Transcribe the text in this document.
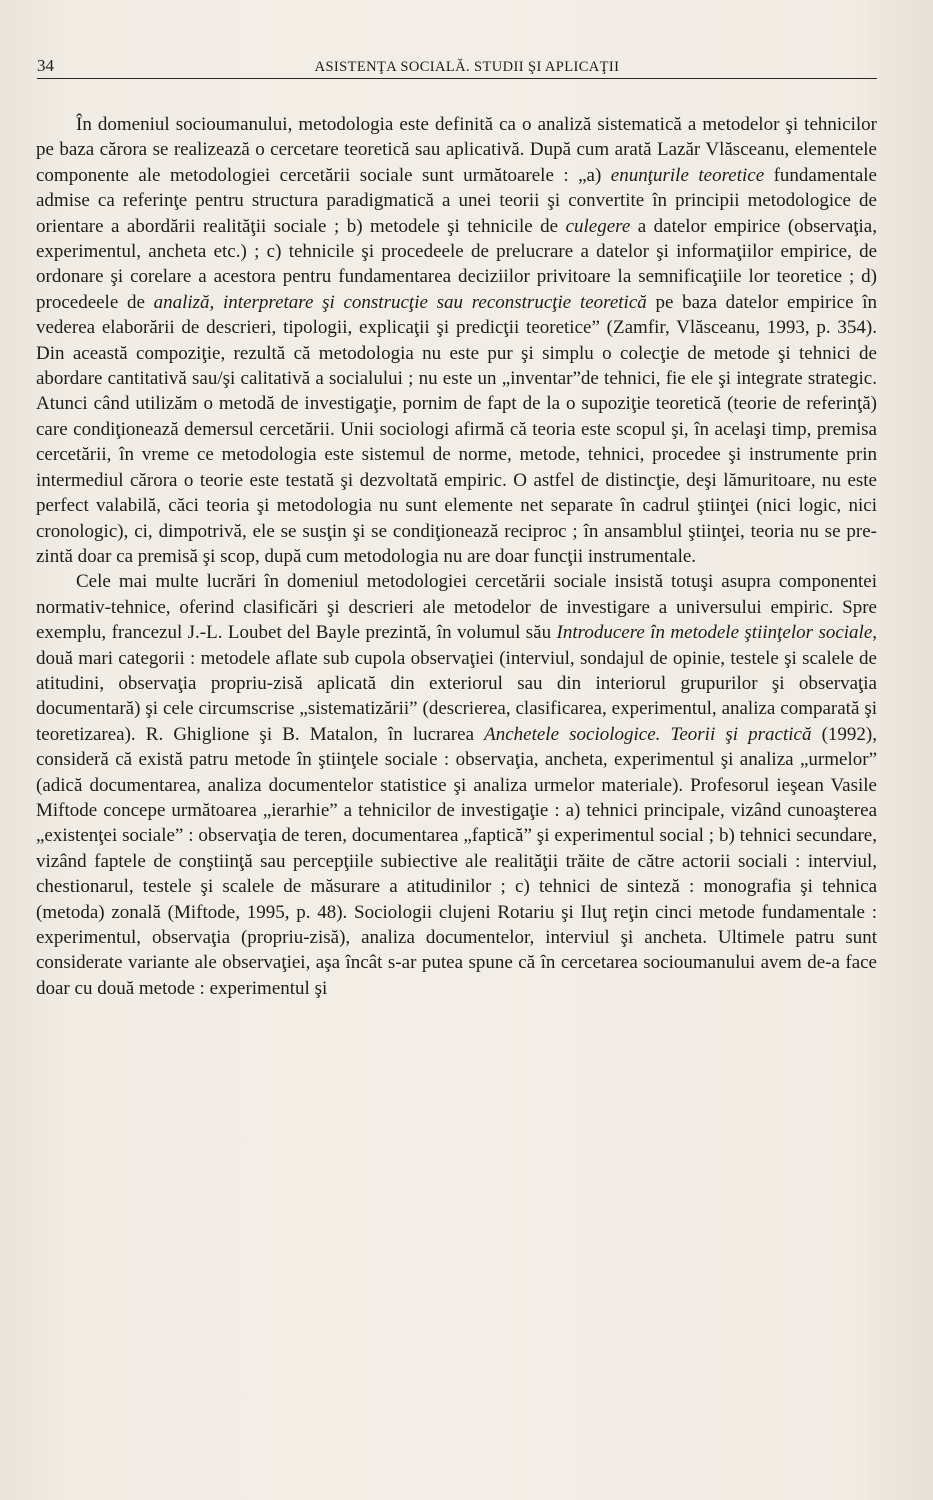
34	ASISTENŢA SOCIALĂ. STUDII ŞI APLICAŢII

În domeniul socioumanului, metodologia este definită ca o analiză sistematică a metodelor şi tehnicilor pe baza cărora se realizează o cercetare teoretică sau aplicativă. După cum arată Lazăr Vlăsceanu, elementele componente ale metodologiei cercetării sociale sunt următoarele : „a) enunţurile teoretice fundamentale admise ca referinţe pentru structura paradigmatică a unei teorii şi convertite în principii metodologice de orientare a abordării realităţii sociale ; b) metodele şi tehnicile de culegere a datelor empirice (observaţia, experimentul, ancheta etc.) ; c) tehnicile şi procedeele de prelucrare a datelor şi informaţiilor empirice, de ordonare şi corelare a acestora pentru fundamentarea deciziilor privitoare la semnificaţiile lor teoretice ; d) procedeele de analiză, interpretare şi construcţie sau reconstrucţie teoretică pe baza datelor empirice în vederea elaborării de descrieri, tipologii, explicaţii şi predicţii teoretice” (Zamfir, Vlăsceanu, 1993, p. 354). Din această compoziţie, rezultă că metodologia nu este pur şi simplu o colecţie de metode şi tehnici de abordare cantitativă sau/şi calitativă a socialului ; nu este un „inventar”de tehnici, fie ele şi integrate strategic. Atunci când utilizăm o metodă de investigaţie, pornim de fapt de la o supoziţie teoretică (teorie de referinţă) care condiţionează demersul cercetării. Unii sociologi afirmă că teoria este scopul şi, în acelaşi timp, premisa cercetării, în vreme ce metodologia este sistemul de norme, metode, tehnici, procedee şi instrumente prin intermediul cărora o teorie este testată şi dezvoltată empiric. O astfel de distincţie, deşi lămuritoare, nu este perfect valabilă, căci teoria şi metodologia nu sunt elemente net separate în cadrul ştiinţei (nici logic, nici cronologic), ci, dimpotrivă, ele se susţin şi se condiţionează reciproc ; în ansamblul ştiinţei, teoria nu se prezintă doar ca premisă şi scop, după cum metodologia nu are doar funcţii instrumentale.

Cele mai multe lucrări în domeniul metodologiei cercetării sociale insistă totuşi asupra componentei normativ-tehnice, oferind clasificări şi descrieri ale metodelor de investigare a universului empiric. Spre exemplu, francezul J.-L. Loubet del Bayle prezintă, în volumul său Introducere în metodele ştiinţelor sociale, două mari categorii : metodele aflate sub cupola observaţiei (interviul, sondajul de opinie, testele şi scalele de atitudini, observaţia propriu-zisă aplicată din exteriorul sau din interiorul grupurilor şi observaţia documentară) şi cele circumscrise „sistematizării” (descrierea, clasificarea, experimentul, analiza comparată şi teoretizarea). R. Ghiglione şi B. Matalon, în lucrarea Anchetele sociologice. Teorii şi practică (1992), consideră că există patru metode în ştiinţele sociale : observaţia, ancheta, experimentul şi analiza „urmelor” (adică documentarea, analiza documentelor statistice şi analiza urmelor materiale). Profesorul ieşean Vasile Miftode concepe următoarea „ierarhie” a tehnicilor de investigaţie : a) tehnici principale, vizând cunoaşterea „existenţei sociale” : observaţia de teren, documentarea „faptică” şi experimentul social ; b) tehnici secundare, vizând faptele de conştiinţă sau percepţiile subiective ale realităţii trăite de către actorii sociali : interviul, chestionarul, testele şi scalele de măsurare a atitudinilor ; c) tehnici de sinteză : monografia şi tehnica (metoda) zonală (Miftode, 1995, p. 48). Sociologii clujeni Rotariu şi Iluţ reţin cinci metode fundamentale : experimentul, observaţia (propriu-zisă), analiza documentelor, interviul şi ancheta. Ultimele patru sunt considerate variante ale observaţiei, aşa încât s-ar putea spune că în cercetarea socioumanului avem de-a face doar cu două metode : experimentul şi
